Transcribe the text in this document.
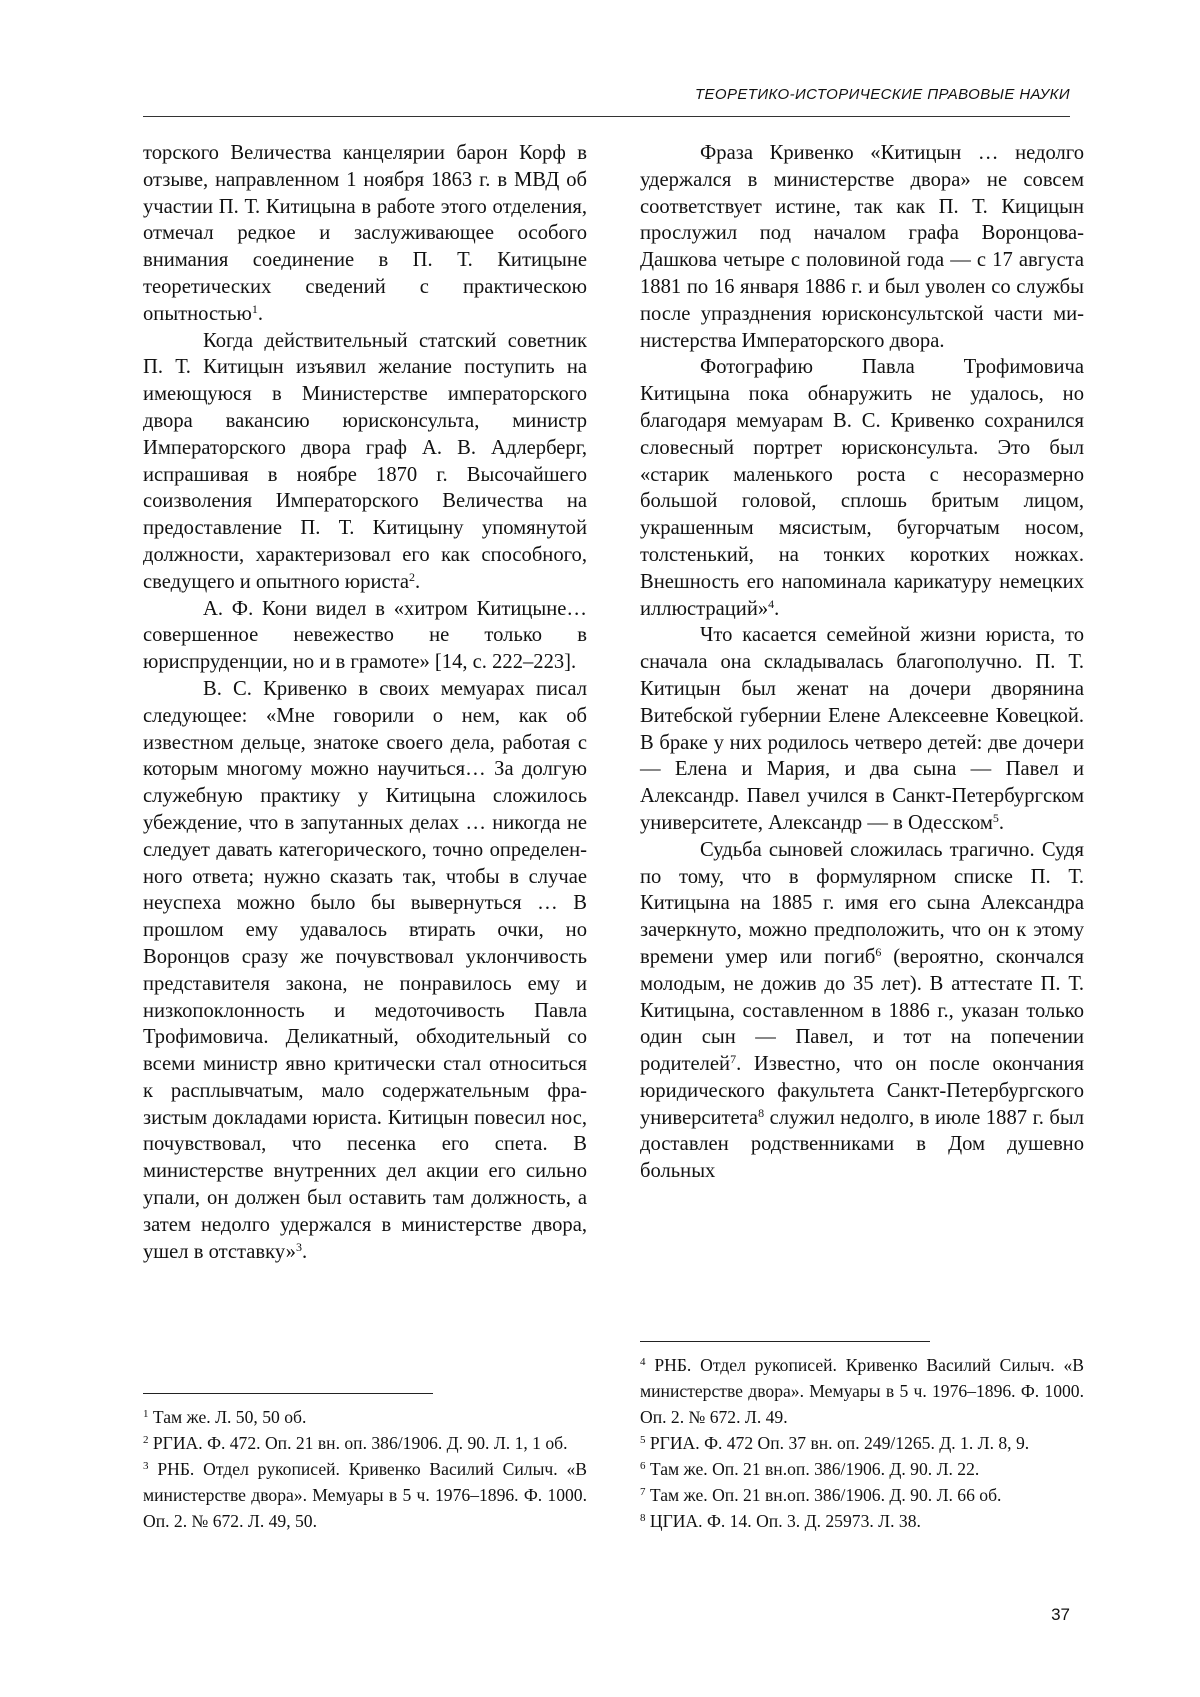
ТЕОРЕТИКО-ИСТОРИЧЕСКИЕ ПРАВОВЫЕ НАУКИ

торского Величества канцелярии барон Корф в отзыве, направленном 1 ноября 1863 г. в МВД об участии П. Т. Китицына в работе этого отделения, отмечал редкое и заслуживающее особого внимания соединение в П. Т. Китицыне теоретических сведений с практическою опытностью$^1$.

Когда действительный статский советник П. Т. Китицын изъявил желание поступить на имеющуюся в Министерстве императорского двора вакансию юрисконсульта, министр Императорского двора граф А. В. Адлерберг, испрашивая в ноябре 1870 г. Высочайшего соизволения Императорского Величества на предоставление П. Т. Китицыну упомянутой должности, характеризовал его как способного, сведущего и опытного юриста$^2$.

А. Ф. Кони видел в «хитром Китицыне… совершенное невежество не только в юриспруденции, но и в грамоте» [14, с. 222–223].

В. С. Кривенко в своих мемуарах писал следующее: «Мне говорили о нем, как об известном дельце, знатоке своего дела, работая с которым многому можно научиться… За долгую служебную практику у Китицына сложилось убеждение, что в запутанных делах … никогда не следует давать категорического, точно определенного ответа; нужно сказать так, чтобы в случае неуспеха можно было бы вывернуться … В прошлом ему удавалось втирать очки, но Воронцов сразу же почувствовал уклончивость представителя закона, не понравилось ему и низкопоклонность и медоточивость Павла Трофимовича. Деликатный, обходительный со всеми министр явно критически стал относиться к расплывчатым, мало содержательным фразистым докладами юриста. Китицын повесил нос, почувствовал, что песенка его спета. В министерстве внутренних дел акции его сильно упали, он должен был оставить там должность, а затем недолго удержался в министерстве двора, ушел в отставку»$^3$.

Фраза Кривенко «Китицын … недолго удержался в министерстве двора» не совсем соответствует истине, так как П. Т. Кицицын прослужил под началом графа Воронцова-Дашкова четыре с половиной года — с 17 августа 1881 по 16 января 1886 г. и был уволен со службы после упразднения юрисконсультской части министерства Императорского двора.

Фотографию Павла Трофимовича Китицына пока обнаружить не удалось, но благодаря мемуарам В. С. Кривенко сохранился словесный портрет юрисконсульта. Это был «старик маленького роста с несоразмерно большой головой, сплошь бритым лицом, украшенным мясистым, бугорчатым носом, толстенький, на тонких коротких ножках. Внешность его напоминала карикатуру немецких иллюстраций»$^4$.

Что касается семейной жизни юриста, то сначала она складывалась благополучно. П. Т. Китицын был женат на дочери дворянина Витебской губернии Елене Алексеевне Ковецкой. В браке у них родилось четверо детей: две дочери — Елена и Мария, и два сына — Павел и Александр. Павел учился в Санкт-Петербургском университете, Александр — в Одесском$^5$.

Судьба сыновей сложилась трагично. Судя по тому, что в формулярном списке П. Т. Китицына на 1885 г. имя его сына Александра зачеркнуто, можно предположить, что он к этому времени умер или погиб$^6$ (вероятно, скончался молодым, не дожив до 35 лет). В аттестате П. Т. Китицына, составленном в 1886 г., указан только один сын — Павел, и тот на попечении родителей$^7$. Известно, что он после окончания юридического факультета Санкт-Петербургского университета$^8$ служил недолго, в июле 1887 г. был доставлен родственниками в Дом душевно больных

$^1$ Там же. Л. 50, 50 об.

$^2$ РГИА. Ф. 472. Оп. 21 вн. оп. 386/1906. Д. 90. Л. 1, 1 об.

$^3$ РНБ. Отдел рукописей. Кривенко Василий Силыч. «В министерстве двора». Мемуары в 5 ч. 1976–1896. Ф. 1000. Оп. 2. № 672. Л. 49, 50.

$^4$ РНБ. Отдел рукописей. Кривенко Василий Силыч. «В министерстве двора». Мемуары в 5 ч. 1976–1896. Ф. 1000. Оп. 2. № 672. Л. 49.

$^5$ РГИА. Ф. 472 Оп. 37 вн. оп. 249/1265. Д. 1. Л. 8, 9.

$^6$ Там же. Оп. 21 вн.оп. 386/1906. Д. 90. Л. 22.

$^7$ Там же. Оп. 21 вн.оп. 386/1906. Д. 90. Л. 66 об.

$^8$ ЦГИА. Ф. 14. Оп. 3. Д. 25973. Л. 38.

37
